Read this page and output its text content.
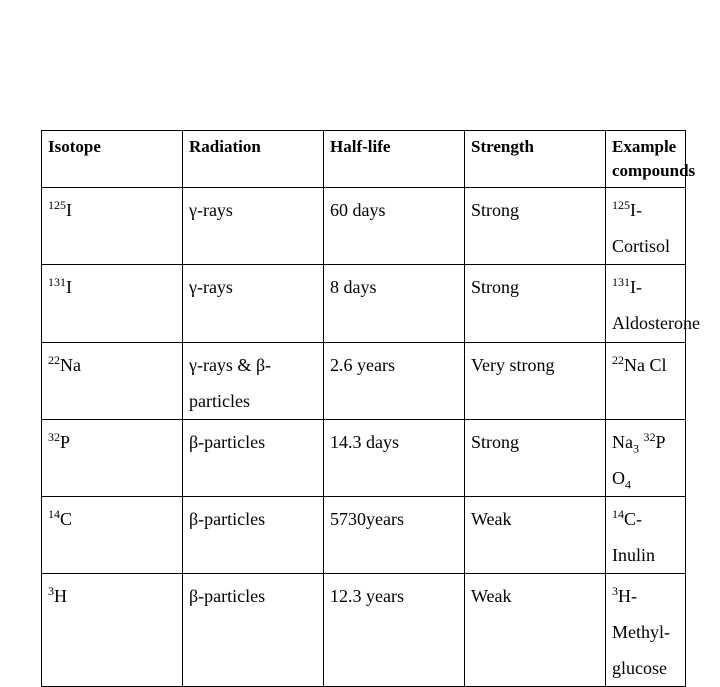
Isotope	Radiation	Half-life	Strength	Example compounds
$^{125}$I	γ-rays	60 days	Strong	$^{125}$I-Cortisol
$^{131}$I	γ-rays	8 days	Strong	$^{131}$I-Aldosterone
$^{22}$Na	γ-rays & β-particles	2.6 years	Very strong	$^{22}$Na Cl
$^{32}$P	β-particles	14.3 days	Strong	$Na_3$ $^{32}$P $O_4$
$^{14}$C	β-particles	5730years	Weak	$^{14}$C-Inulin
$^3$H	β-particles	12.3 years	Weak	$^3$H-Methyl-glucose
